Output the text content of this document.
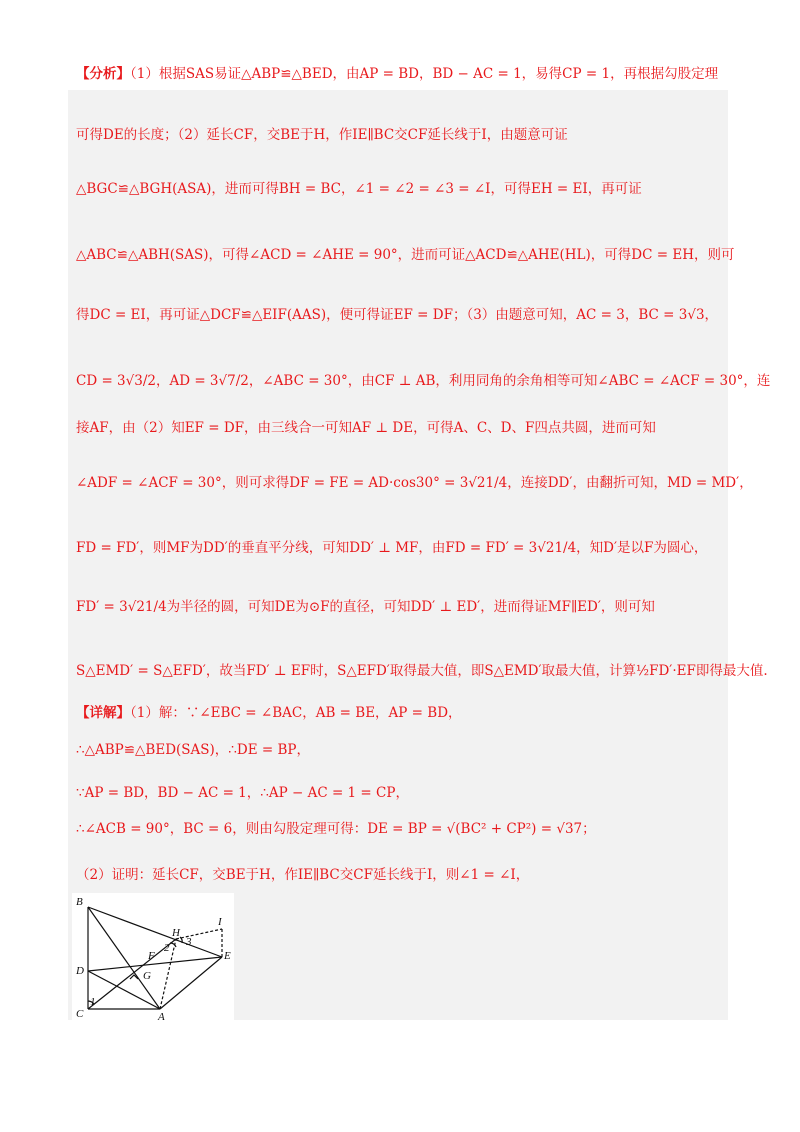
【分析】（1）根据SAS易证△ABP≌△BED，由AP = BD，BD − AC = 1，易得CP = 1，再根据勾股定理
可得DE的长度；（2）延长CF，交BE于H，作IE∥BC交CF延长线于I，由题意可证
△BGC≌△BGH(ASA)，进而可得BH = BC，∠1 = ∠2 = ∠3 = ∠I，可得EH = EI，再可证
△ABC≌△ABH(SAS)，可得∠ACD = ∠AHE = 90°，进而可证△ACD≌△AHE(HL)，可得DC = EH，则可
得DC = EI，再可证△DCF≌△EIF(AAS)，便可得证EF = DF；（3）由题意可知，AC = 3，BC = 3√3，
CD = 3√3/2，AD = 3√7/2，∠ABC = 30°，由CF ⊥ AB，利用同角的余角相等可知∠ABC = ∠ACF = 30°，连
接AF，由（2）知EF = DF，由三线合一可知AF ⊥ DE，可得A、C、D、F四点共圆，进而可知
∠ADF = ∠ACF = 30°，则可求得DF = FE = AD·cos30° = 3√21/4，连接DD′，由翻折可知，MD = MD′，
FD = FD′，则MF为DD′的垂直平分线，可知DD′ ⊥ MF，由FD = FD′ = 3√21/4，知D′是以F为圆心，
FD′ = 3√21/4为半径的圆，可知DE为⊙F的直径，可知DD′ ⊥ ED′，进而得证MF∥ED′，则可知
S△EMD′ = S△EFD′，故当FD′ ⊥ EF时，S△EFD′取得最大值，即S△EMD′取最大值，计算½FD′·EF即得最大值.
【详解】（1）解：∵∠EBC = ∠BAC，AB = BE，AP = BD，
∴△ABP≌△BED(SAS)，∴DE = BP，
∵AP = BD，BD − AC = 1，∴AP − AC = 1 = CP，
∴∠ACB = 90°，BC = 6，则由勾股定理可得：DE = BP = √(BC² + CP²) = √37；
（2）证明：延长CF，交BE于H，作IE∥BC交CF延长线于I，则∠1 = ∠I，
B
I
H
2 3
F
D	G
E
1
C	A
